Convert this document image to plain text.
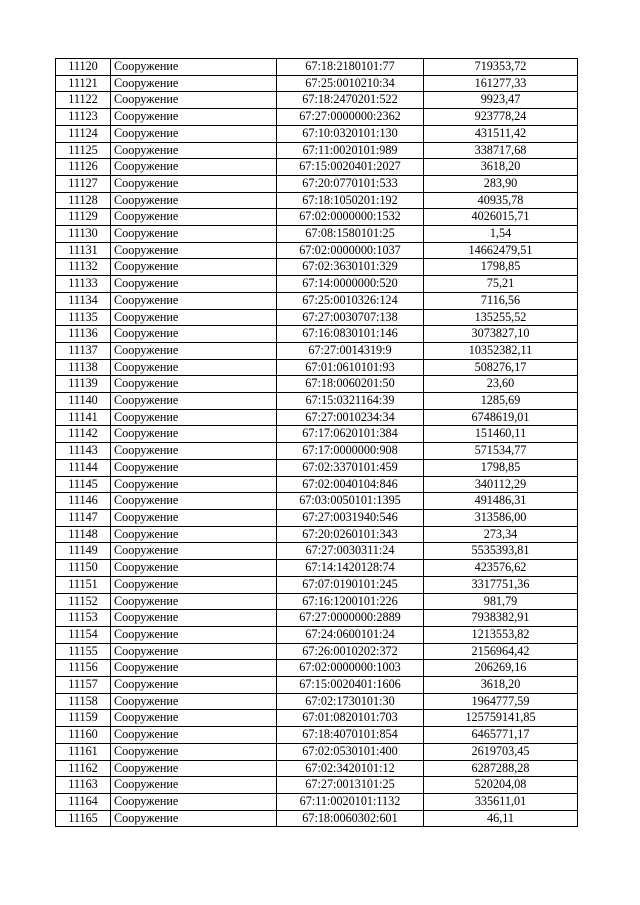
11120	Сооружение	67:18:2180101:77	719353,72
11121	Сооружение	67:25:0010210:34	161277,33
11122	Сооружение	67:18:2470201:522	9923,47
11123	Сооружение	67:27:0000000:2362	923778,24
11124	Сооружение	67:10:0320101:130	431511,42
11125	Сооружение	67:11:0020101:989	338717,68
11126	Сооружение	67:15:0020401:2027	3618,20
11127	Сооружение	67:20:0770101:533	283,90
11128	Сооружение	67:18:1050201:192	40935,78
11129	Сооружение	67:02:0000000:1532	4026015,71
11130	Сооружение	67:08:1580101:25	1,54
11131	Сооружение	67:02:0000000:1037	14662479,51
11132	Сооружение	67:02:3630101:329	1798,85
11133	Сооружение	67:14:0000000:520	75,21
11134	Сооружение	67:25:0010326:124	7116,56
11135	Сооружение	67:27:0030707:138	135255,52
11136	Сооружение	67:16:0830101:146	3073827,10
11137	Сооружение	67:27:0014319:9	10352382,11
11138	Сооружение	67:01:0610101:93	508276,17
11139	Сооружение	67:18:0060201:50	23,60
11140	Сооружение	67:15:0321164:39	1285,69
11141	Сооружение	67:27:0010234:34	6748619,01
11142	Сооружение	67:17:0620101:384	151460,11
11143	Сооружение	67:17:0000000:908	571534,77
11144	Сооружение	67:02:3370101:459	1798,85
11145	Сооружение	67:02:0040104:846	340112,29
11146	Сооружение	67:03:0050101:1395	491486,31
11147	Сооружение	67:27:0031940:546	313586,00
11148	Сооружение	67:20:0260101:343	273,34
11149	Сооружение	67:27:0030311:24	5535393,81
11150	Сооружение	67:14:1420128:74	423576,62
11151	Сооружение	67:07:0190101:245	3317751,36
11152	Сооружение	67:16:1200101:226	981,79
11153	Сооружение	67:27:0000000:2889	7938382,91
11154	Сооружение	67:24:0600101:24	1213553,82
11155	Сооружение	67:26:0010202:372	2156964,42
11156	Сооружение	67:02:0000000:1003	206269,16
11157	Сооружение	67:15:0020401:1606	3618,20
11158	Сооружение	67:02:1730101:30	1964777,59
11159	Сооружение	67:01:0820101:703	125759141,85
11160	Сооружение	67:18:4070101:854	6465771,17
11161	Сооружение	67:02:0530101:400	2619703,45
11162	Сооружение	67:02:3420101:12	6287288,28
11163	Сооружение	67:27:0013101:25	520204,08
11164	Сооружение	67:11:0020101:1132	335611,01
11165	Сооружение	67:18:0060302:601	46,11
